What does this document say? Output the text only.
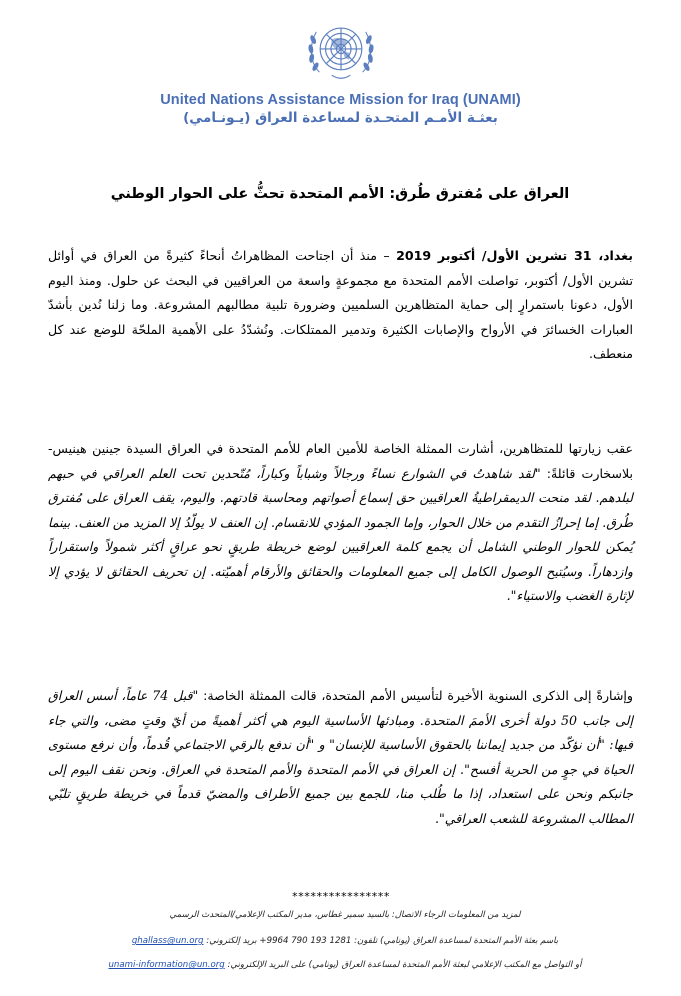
United Nations Assistance Mission for Iraq (UNAMI)
بعثـة الأمـم المتحـدة لمساعدة العراق (يـونـامي)
العراق على مُفترق طُرق: الأمم المتحدة تحثُّ على الحوار الوطني
بغداد، 31 تشرين الأول/ أكتوبر 2019 – منذ أن اجتاحت المظاهراتُ أنحاءً كثيرةً من العراق في أوائل تشرين الأول/ أكتوبر، تواصلت الأمم المتحدة مع مجموعةٍ واسعة من العراقيين في البحث عن حلول. ومنذ اليوم الأول، دعونا باستمرارٍ إلى حماية المتظاهرين السلميين وضرورة تلبية مطالبهم المشروعة. وما زلنا نُدين بأشدّ العبارات الخسائرَ في الأرواح والإصابات الكثيرة وتدمير الممتلكات. ونُشدّدُ على الأهمية الملحّة للوضع عند كل منعطف.
عقب زيارتها للمتظاهرين، أشارت الممثلة الخاصة للأمين العام للأمم المتحدة في العراق السيدة جينين هينيس-بلاسخارت قائلةً: "لقد شاهدتُ في الشوارع نساءً ورجالاً وشباباً وكباراً، مُتّحدين تحت العلم العراقي في حبهم لبلدهم. لقد منحت الديمقراطيةُ العراقيين حق إسماع أصواتهم ومحاسبة قادتهم. واليوم، يقف العراق على مُفترق طُرق. إما إحرازُ التقدم من خلال الحوار، وإما الجمود المؤدي للانقسام. إن العنف لا يولّدُ إلا المزيد من العنف. بينما يُمكن للحوار الوطني الشامل أن يجمع كلمة العراقيين لوضع خريطة طريقٍ نحو عراقٍ أكثر شمولاً واستقراراً وازدهاراً. وسيُتيح الوصول الكامل إلى جميع المعلومات والحقائق والأرقام أهميّته. إن تحريف الحقائق لا يؤدي إلا لإثارة الغضب والاستياء".
وإشارةً إلى الذكرى السنوية الأخيرة لتأسيس الأمم المتحدة، قالت الممثلة الخاصة: "قبل 74 عاماً، أسس العراق إلى جانب 50 دولة أخرى الأممَ المتحدة. ومبادئها الأساسية اليوم هي أكثر أهميةً من أيّ وقتٍ مضى، والتي جاء فيها: "أن نؤكّد من جديد إيماننا بالحقوق الأساسية للإنسان" و "أن ندفع بالرقي الاجتماعي قُدماً، وأن نرفع مستوى الحياة في جوٍ من الحرية أفسح". إن العراق في الأمم المتحدة والأمم المتحدة في العراق. ونحن نقف اليوم إلى جانبكم ونحن على استعداد، إذا ما طُلب منا، للجمع بين جميع الأطراف والمضيّ قدماً في خريطة طريقٍ تلبّي المطالب المشروعة للشعب العراقي".
****************
لمزيد من المعلومات الرجاء الاتصال: بالسيد سمير غطاس، مدير المكتب الإعلامي/المتحدث الرسمي
باسم بعثة الأمم المتحدة لمساعدة العراق (يونامي) تلفون: 1281 193 790 9964+ بريد إلكتروني: ghallass@un.org
أو التواصل مع المكتب الإعلامي لبعثة الأمم المتحدة لمساعدة العراق (يونامي) على البريد الإلكتروني: unami-information@un.org
